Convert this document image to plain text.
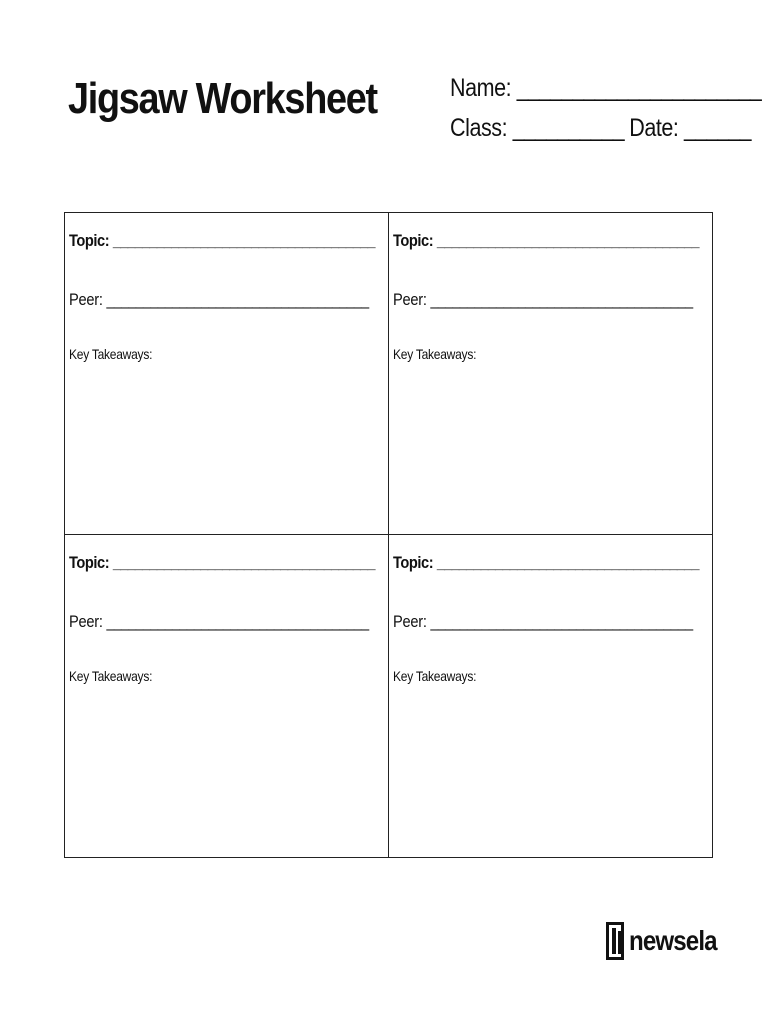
Jigsaw Worksheet	Name: ______________________
Class: __________ Date: ______
Topic: ____________________________________
Peer: ____________________________________
Key Takeaways:
Topic: ____________________________________
Peer: ____________________________________
Key Takeaways:
Topic: ____________________________________
Peer: ____________________________________
Key Takeaways:
Topic: ____________________________________
Peer: ____________________________________
Key Takeaways:
newsela
